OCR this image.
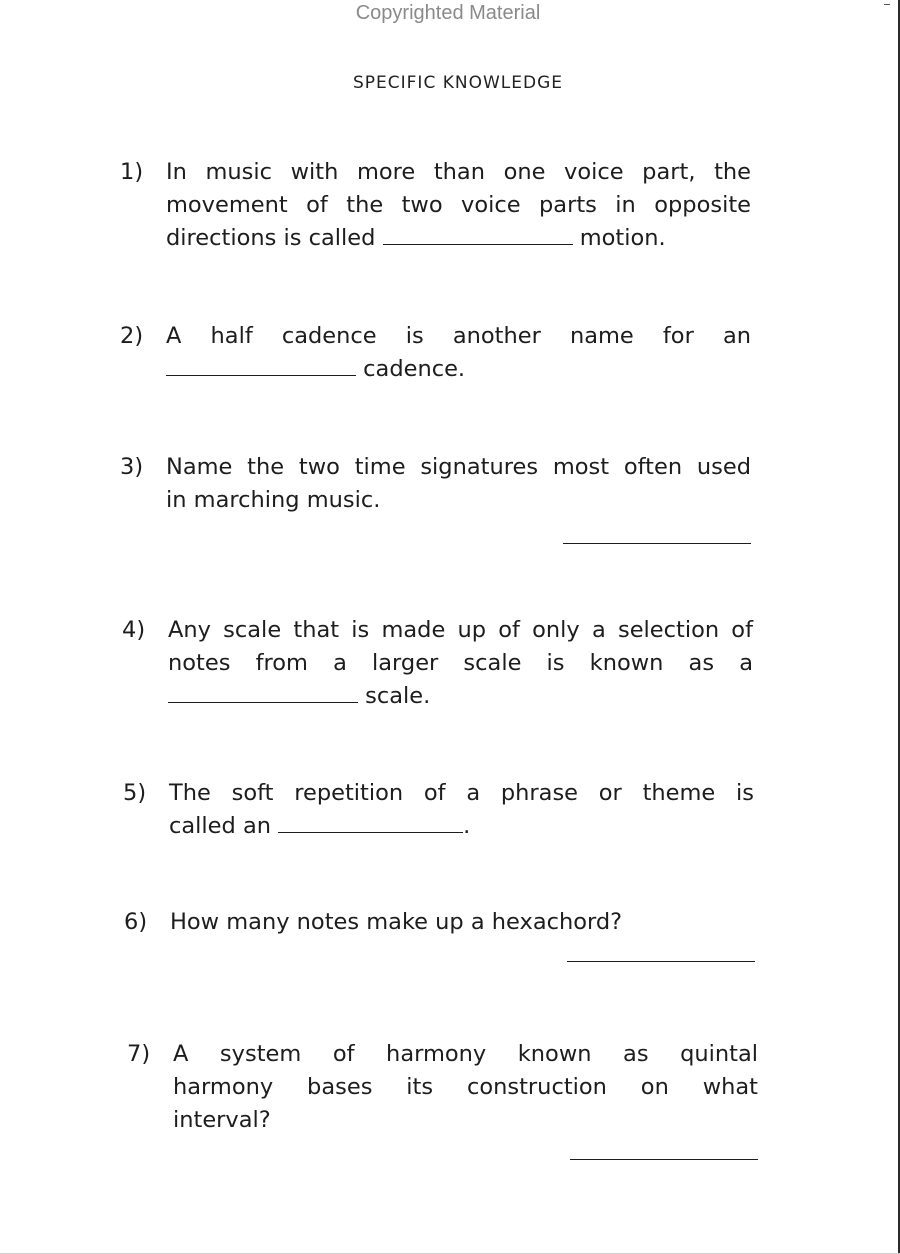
Copyrighted Material
SPECIFIC KNOWLEDGE
1)	In music with more than one voice part, the
movement of the two voice parts in opposite
directions is called	motion.
2)	A half cadence is another name for an
cadence.
3)	Name the two time signatures most often used
in marching music.
4)	Any scale that is made up of only a selection of
notes from a larger scale is known as a
scale.
5)	The soft repetition of a phrase or theme is
called an	.
6)	How many notes make up a hexachord?
7)	A system of harmony known as quintal
harmony bases its construction on what
interval?
